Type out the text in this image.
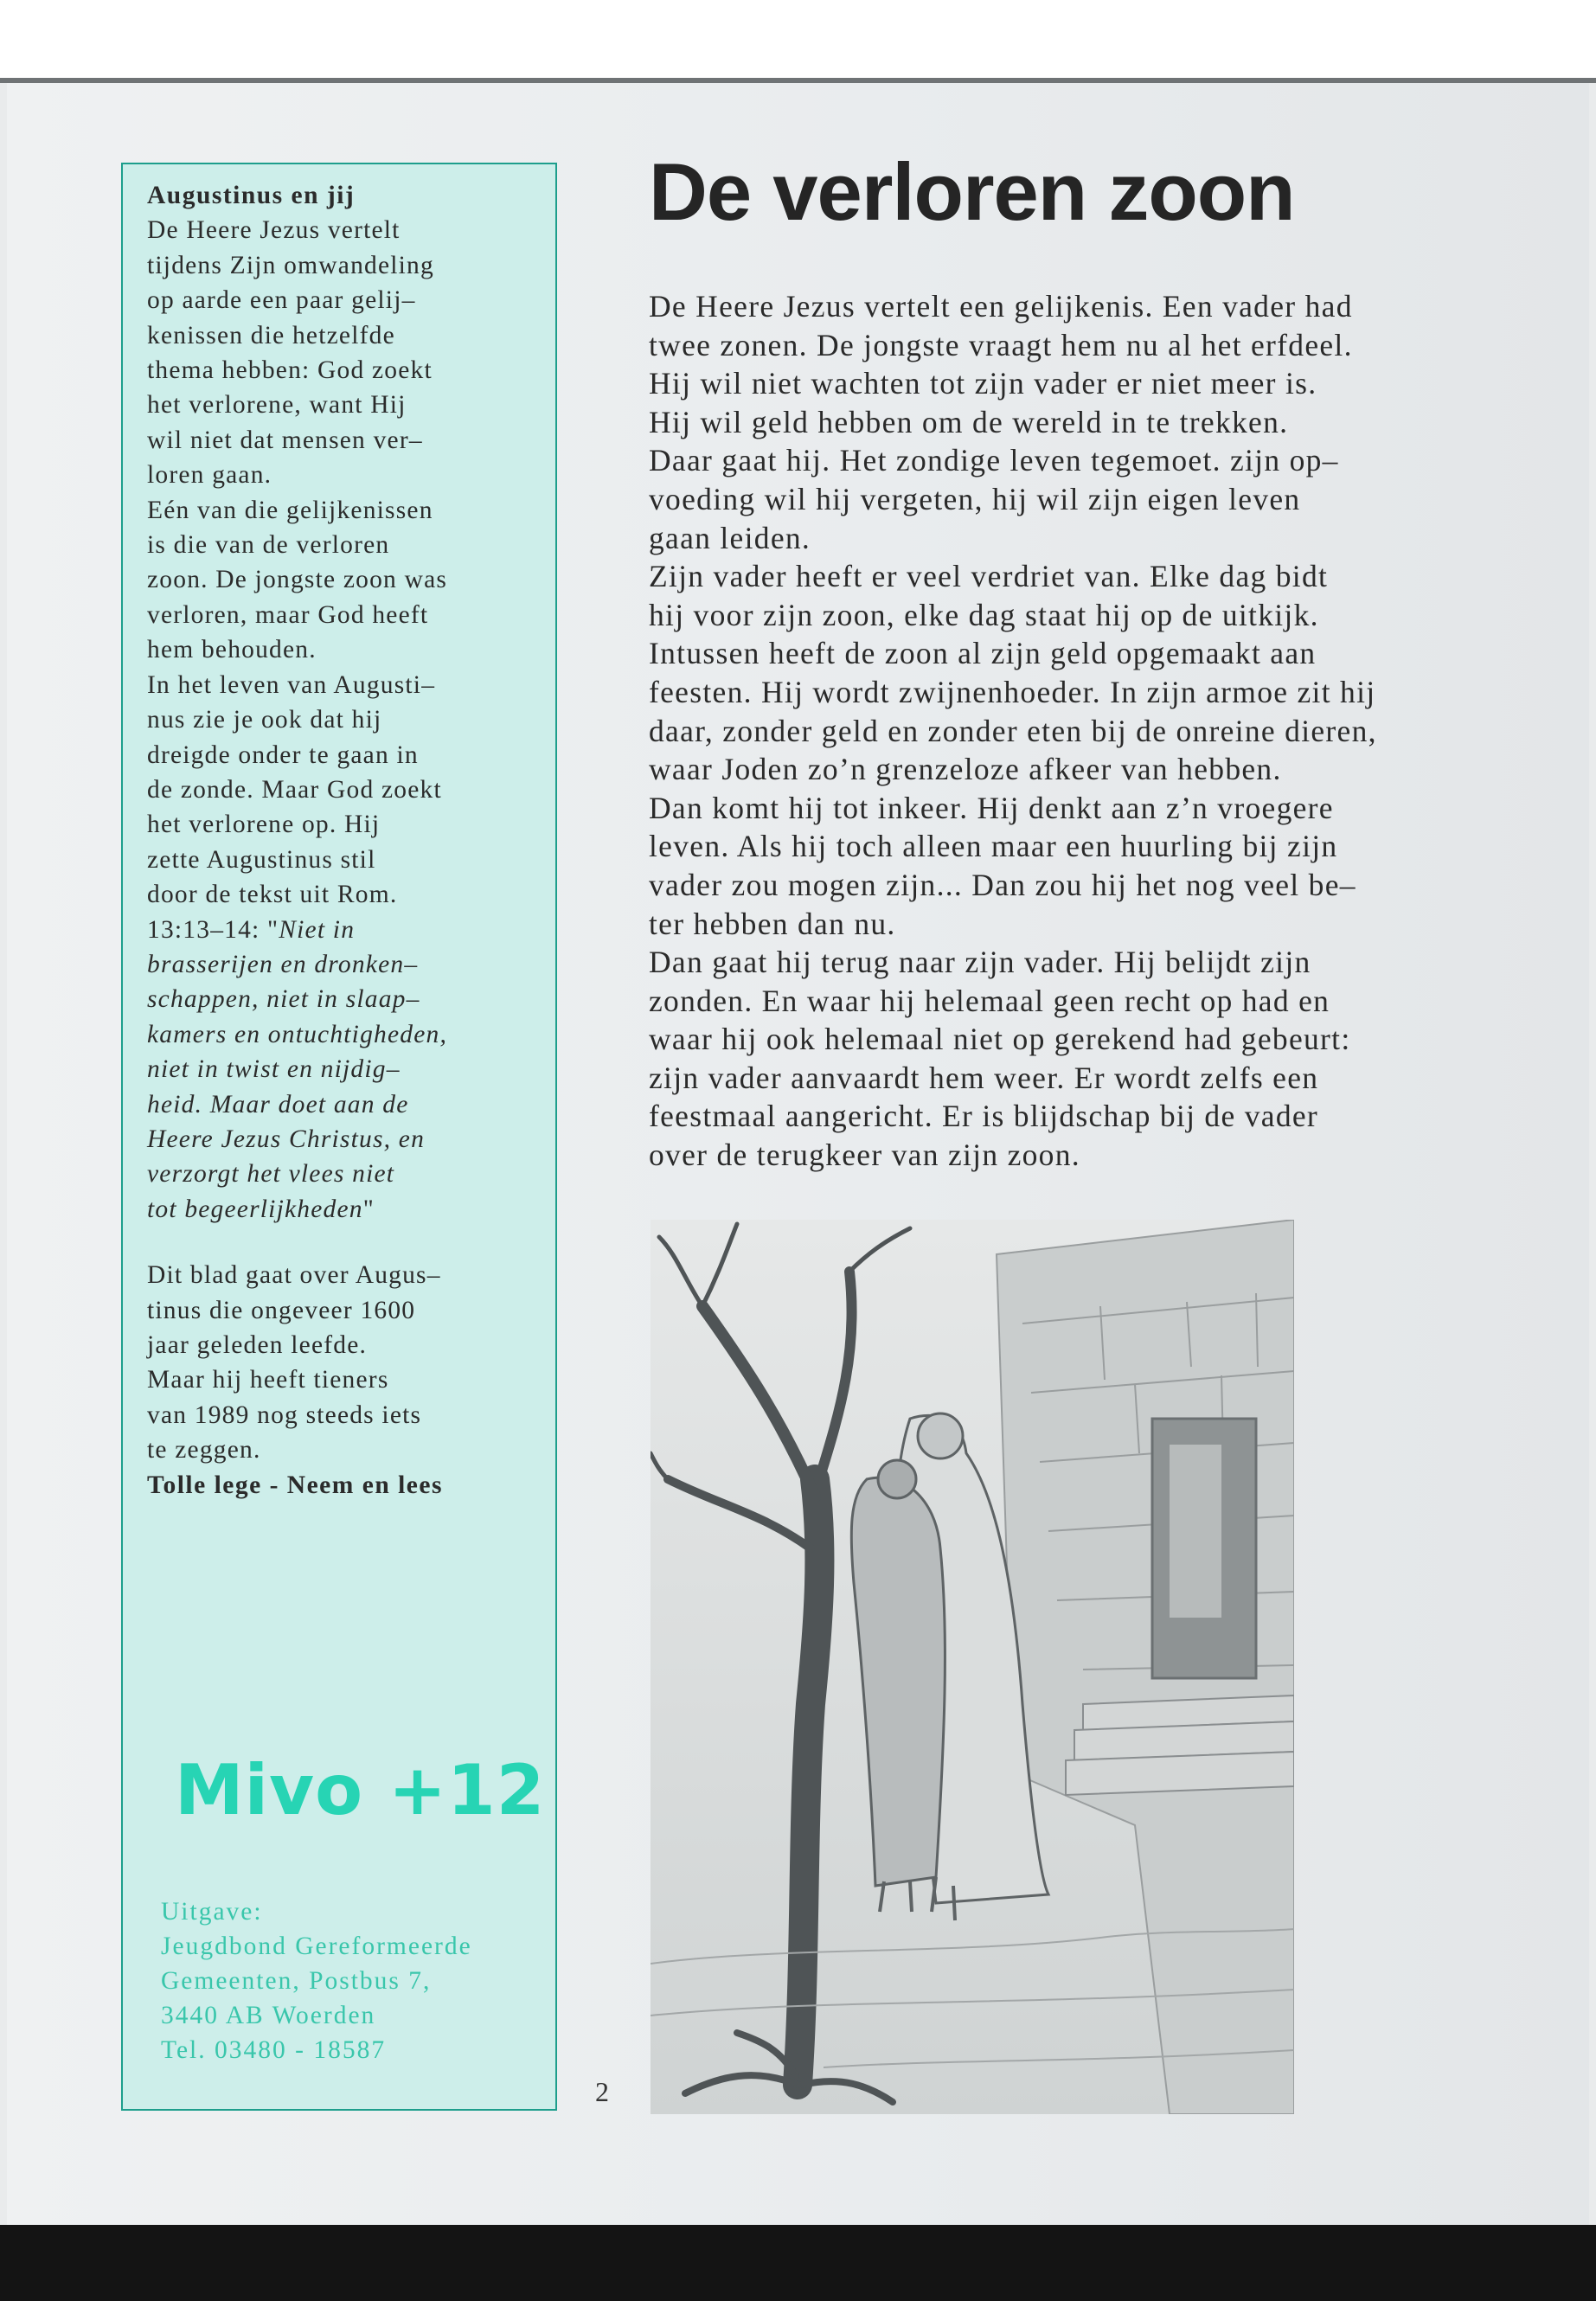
Augustinus en jij

De Heere Jezus vertelt
tijdens Zijn omwandeling
op aarde een paar gelij–
kenissen die hetzelfde
thema hebben: God zoekt
het verlorene, want Hij
wil niet dat mensen ver–
loren gaan.
Eén van die gelijkenissen
is die van de verloren
zoon. De jongste zoon was
verloren, maar God heeft
hem behouden.
In het leven van Augusti–
nus zie je ook dat hij
dreigde onder te gaan in
de zonde. Maar God zoekt
het verlorene op. Hij
zette Augustinus stil
door de tekst uit Rom.
13:13–14: "Niet in
brasserijen en dronken–
schappen, niet in slaap–
kamers en ontuchtigheden,
niet in twist en nijdig–
heid. Maar doet aan de
Heere Jezus Christus, en
verzorgt het vlees niet
tot begeerlijkheden"

Dit blad gaat over Augus–
tinus die ongeveer 1600
jaar geleden leefde.
Maar hij heeft tieners
van 1989 nog steeds iets
te zeggen.

Tolle lege - Neem en lees

Mivo +12

Uitgave:

Jeugdbond Gereformeerde

Gemeenten, Postbus 7,

3440 AB Woerden

Tel. 03480 - 18587

De verloren zoon

De Heere Jezus vertelt een gelijkenis. Een vader had
twee zonen. De jongste vraagt hem nu al het erfdeel.
Hij wil niet wachten tot zijn vader er niet meer is.
Hij wil geld hebben om de wereld in te trekken.
Daar gaat hij. Het zondige leven tegemoet. zijn op–
voeding wil hij vergeten, hij wil zijn eigen leven
gaan leiden.

Zijn vader heeft er veel verdriet van. Elke dag bidt
hij voor zijn zoon, elke dag staat hij op de uitkijk.
Intussen heeft de zoon al zijn geld opgemaakt aan
feesten. Hij wordt zwijnenhoeder. In zijn armoe zit hij
daar, zonder geld en zonder eten bij de onreine dieren,
waar Joden zo’n grenzeloze afkeer van hebben.

Dan komt hij tot inkeer. Hij denkt aan z’n vroegere
leven. Als hij toch alleen maar een huurling bij zijn
vader zou mogen zijn... Dan zou hij het nog veel be–
ter hebben dan nu.

Dan gaat hij terug naar zijn vader. Hij belijdt zijn
zonden. En waar hij helemaal geen recht op had en
waar hij ook helemaal niet op gerekend had gebeurt:
zijn vader aanvaardt hem weer. Er wordt zelfs een
feestmaal aangericht. Er is blijdschap bij de vader
over de terugkeer van zijn zoon.

2
